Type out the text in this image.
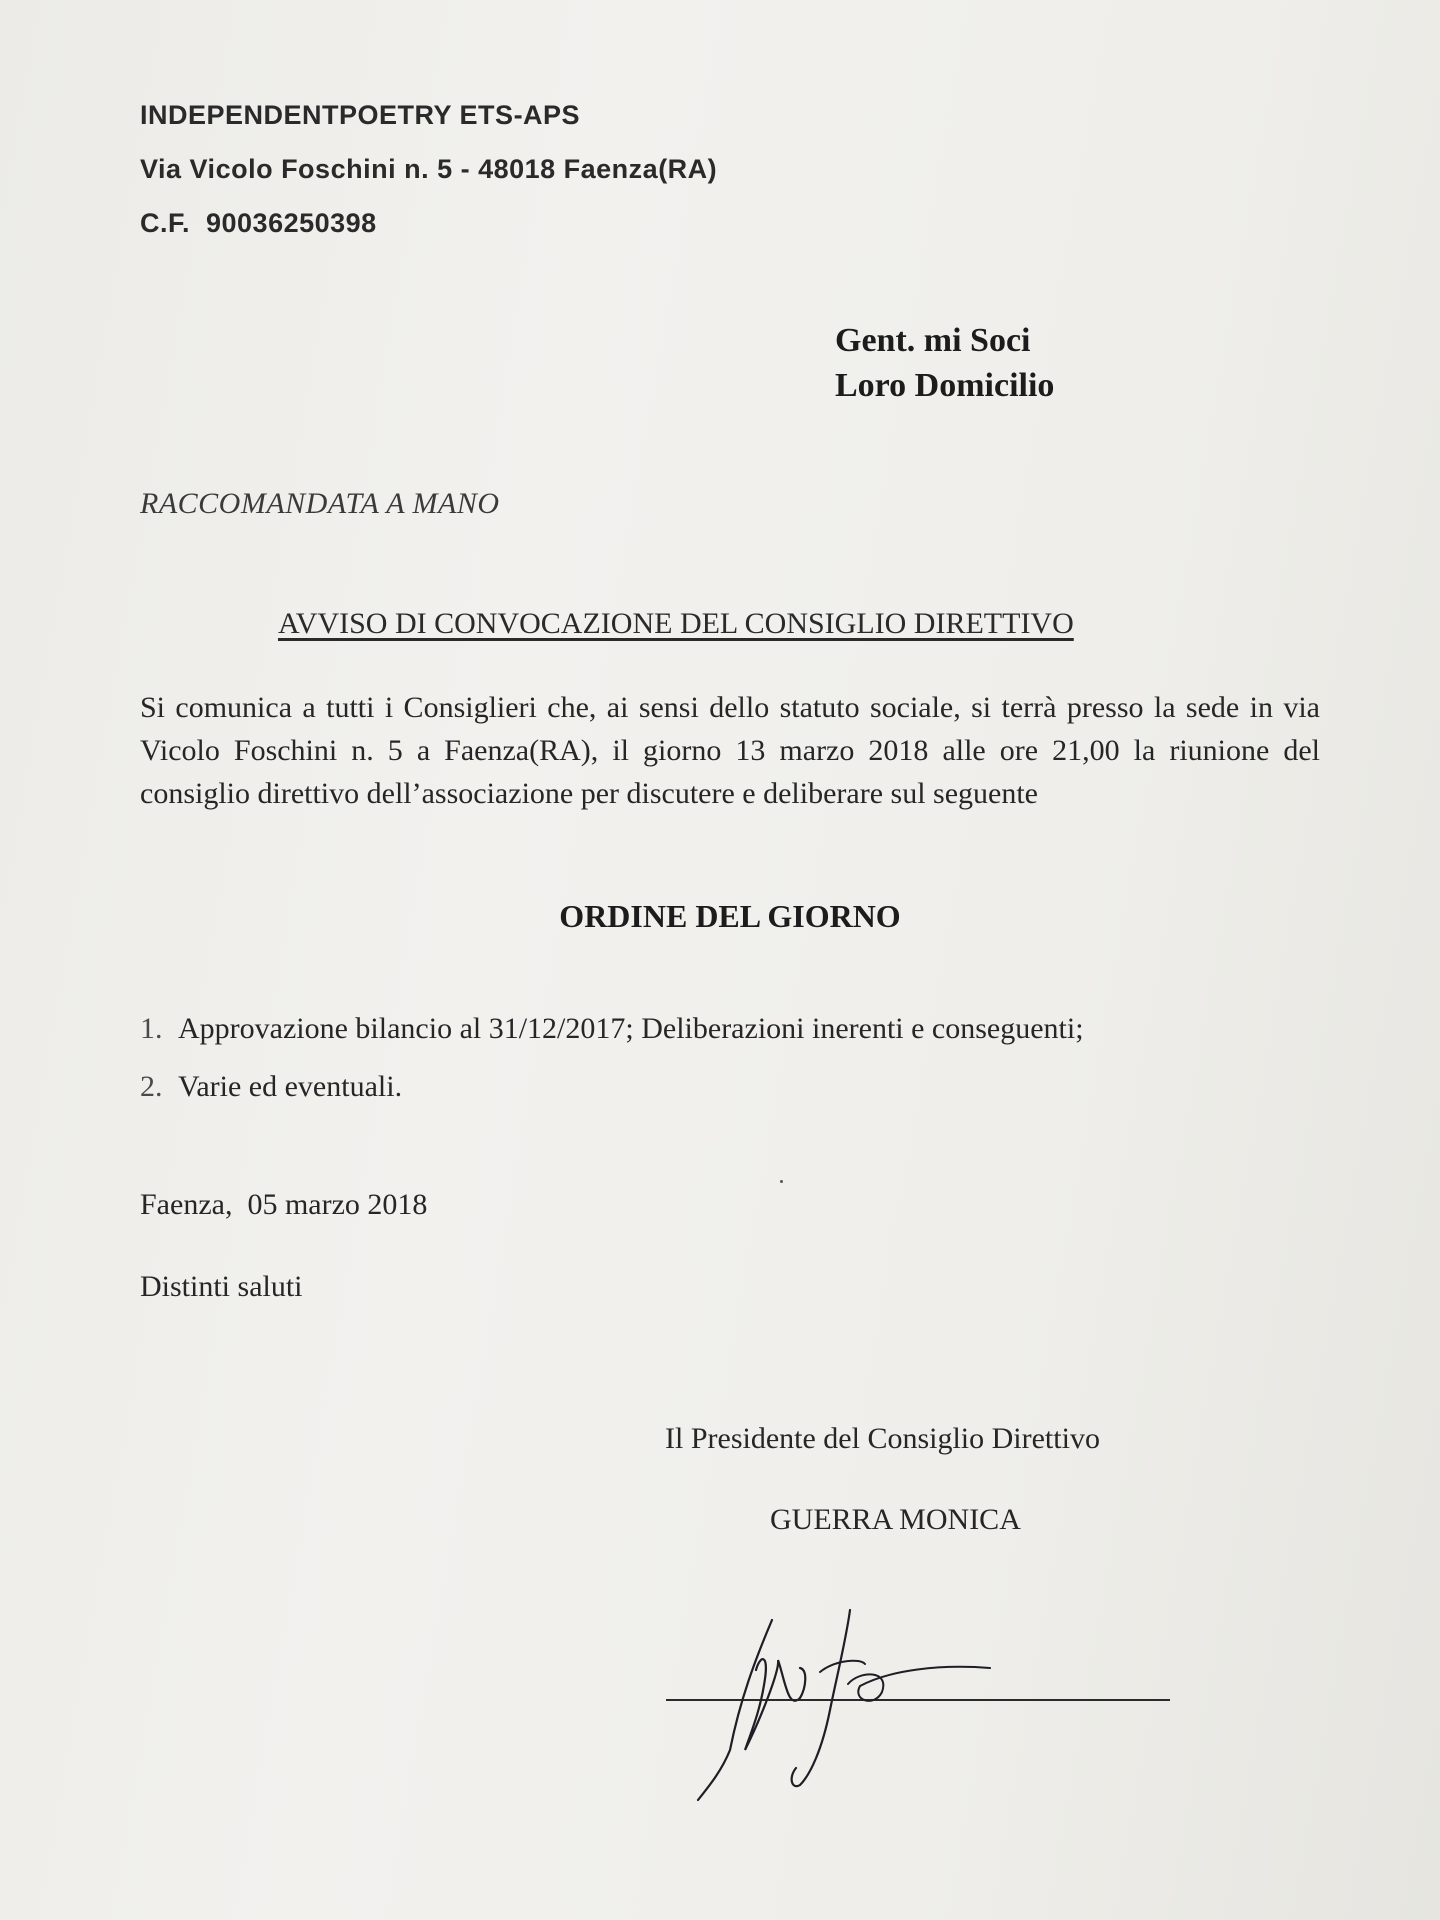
INDEPENDENTPOETRY ETS-APS
Via Vicolo Foschini n. 5 - 48018 Faenza(RA)
C.F.  90036250398
Gent. mi Soci
Loro Domicilio
RACCOMANDATA A MANO
AVVISO DI CONVOCAZIONE DEL CONSIGLIO DIRETTIVO
Si comunica a tutti i Consiglieri che, ai sensi dello statuto sociale, si terrà presso la sede in via Vicolo Foschini n. 5 a Faenza(RA), il giorno 13 marzo 2018 alle ore 21,00 la riunione del consiglio direttivo dell’associazione per discutere e deliberare sul seguente
ORDINE DEL GIORNO
1. Approvazione bilancio al 31/12/2017; Deliberazioni inerenti e conseguenti;
2. Varie ed eventuali.
Faenza,  05 marzo 2018
Distinti saluti
Il Presidente del Consiglio Direttivo
GUERRA MONICA
